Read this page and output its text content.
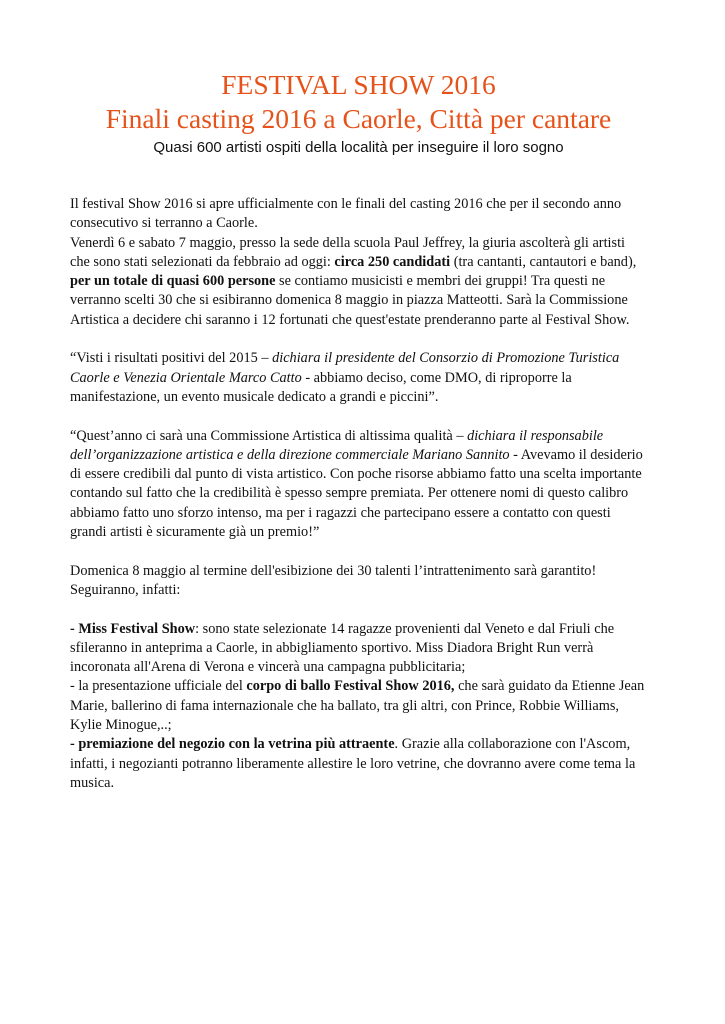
FESTIVAL SHOW 2016
Finali casting 2016 a Caorle, Città per cantare

Quasi 600 artisti ospiti della località per inseguire il loro sogno

Il festival Show 2016 si apre ufficialmente con le finali del casting 2016 che per il secondo anno consecutivo si terranno a Caorle.

Venerdì 6 e sabato 7 maggio, presso la sede della scuola Paul Jeffrey, la giuria ascolterà gli artisti che sono stati selezionati da febbraio ad oggi: circa 250 candidati (tra cantanti, cantautori e band), per un totale di quasi 600 persone se contiamo musicisti e membri dei gruppi! Tra questi ne verranno scelti 30 che si esibiranno domenica 8 maggio in piazza Matteotti. Sarà la Commissione Artistica a decidere chi saranno i 12 fortunati che quest'estate prenderanno parte al Festival Show.

“Visti i risultati positivi del 2015 – dichiara il presidente del Consorzio di Promozione Turistica Caorle e Venezia Orientale Marco Catto - abbiamo deciso, come DMO, di riproporre la manifestazione, un evento musicale dedicato a grandi e piccini”.

“Quest’anno ci sarà una Commissione Artistica di altissima qualità – dichiara il responsabile dell’organizzazione artistica e della direzione commerciale Mariano Sannito - Avevamo il desiderio di essere credibili dal punto di vista artistico. Con poche risorse abbiamo fatto una scelta importante contando sul fatto che la credibilità è spesso sempre premiata. Per ottenere nomi di questo calibro abbiamo fatto uno sforzo intenso, ma per i ragazzi che partecipano essere a contatto con questi grandi artisti è sicuramente già un premio!”

Domenica 8 maggio al termine dell'esibizione dei 30 talenti l’intrattenimento sarà garantito!

Seguiranno, infatti:

- Miss Festival Show: sono state selezionate 14 ragazze provenienti dal Veneto e dal Friuli che sfileranno in anteprima a Caorle, in abbigliamento sportivo. Miss Diadora Bright Run verrà incoronata all'Arena di Verona e vincerà una campagna pubblicitaria;

- la presentazione ufficiale del corpo di ballo Festival Show 2016, che sarà guidato da Etienne Jean Marie, ballerino di fama internazionale che ha ballato, tra gli altri, con Prince, Robbie Williams, Kylie Minogue,..;

- premiazione del negozio con la vetrina più attraente. Grazie alla collaborazione con l'Ascom, infatti, i negozianti potranno liberamente allestire le loro vetrine, che dovranno avere come tema la musica.
